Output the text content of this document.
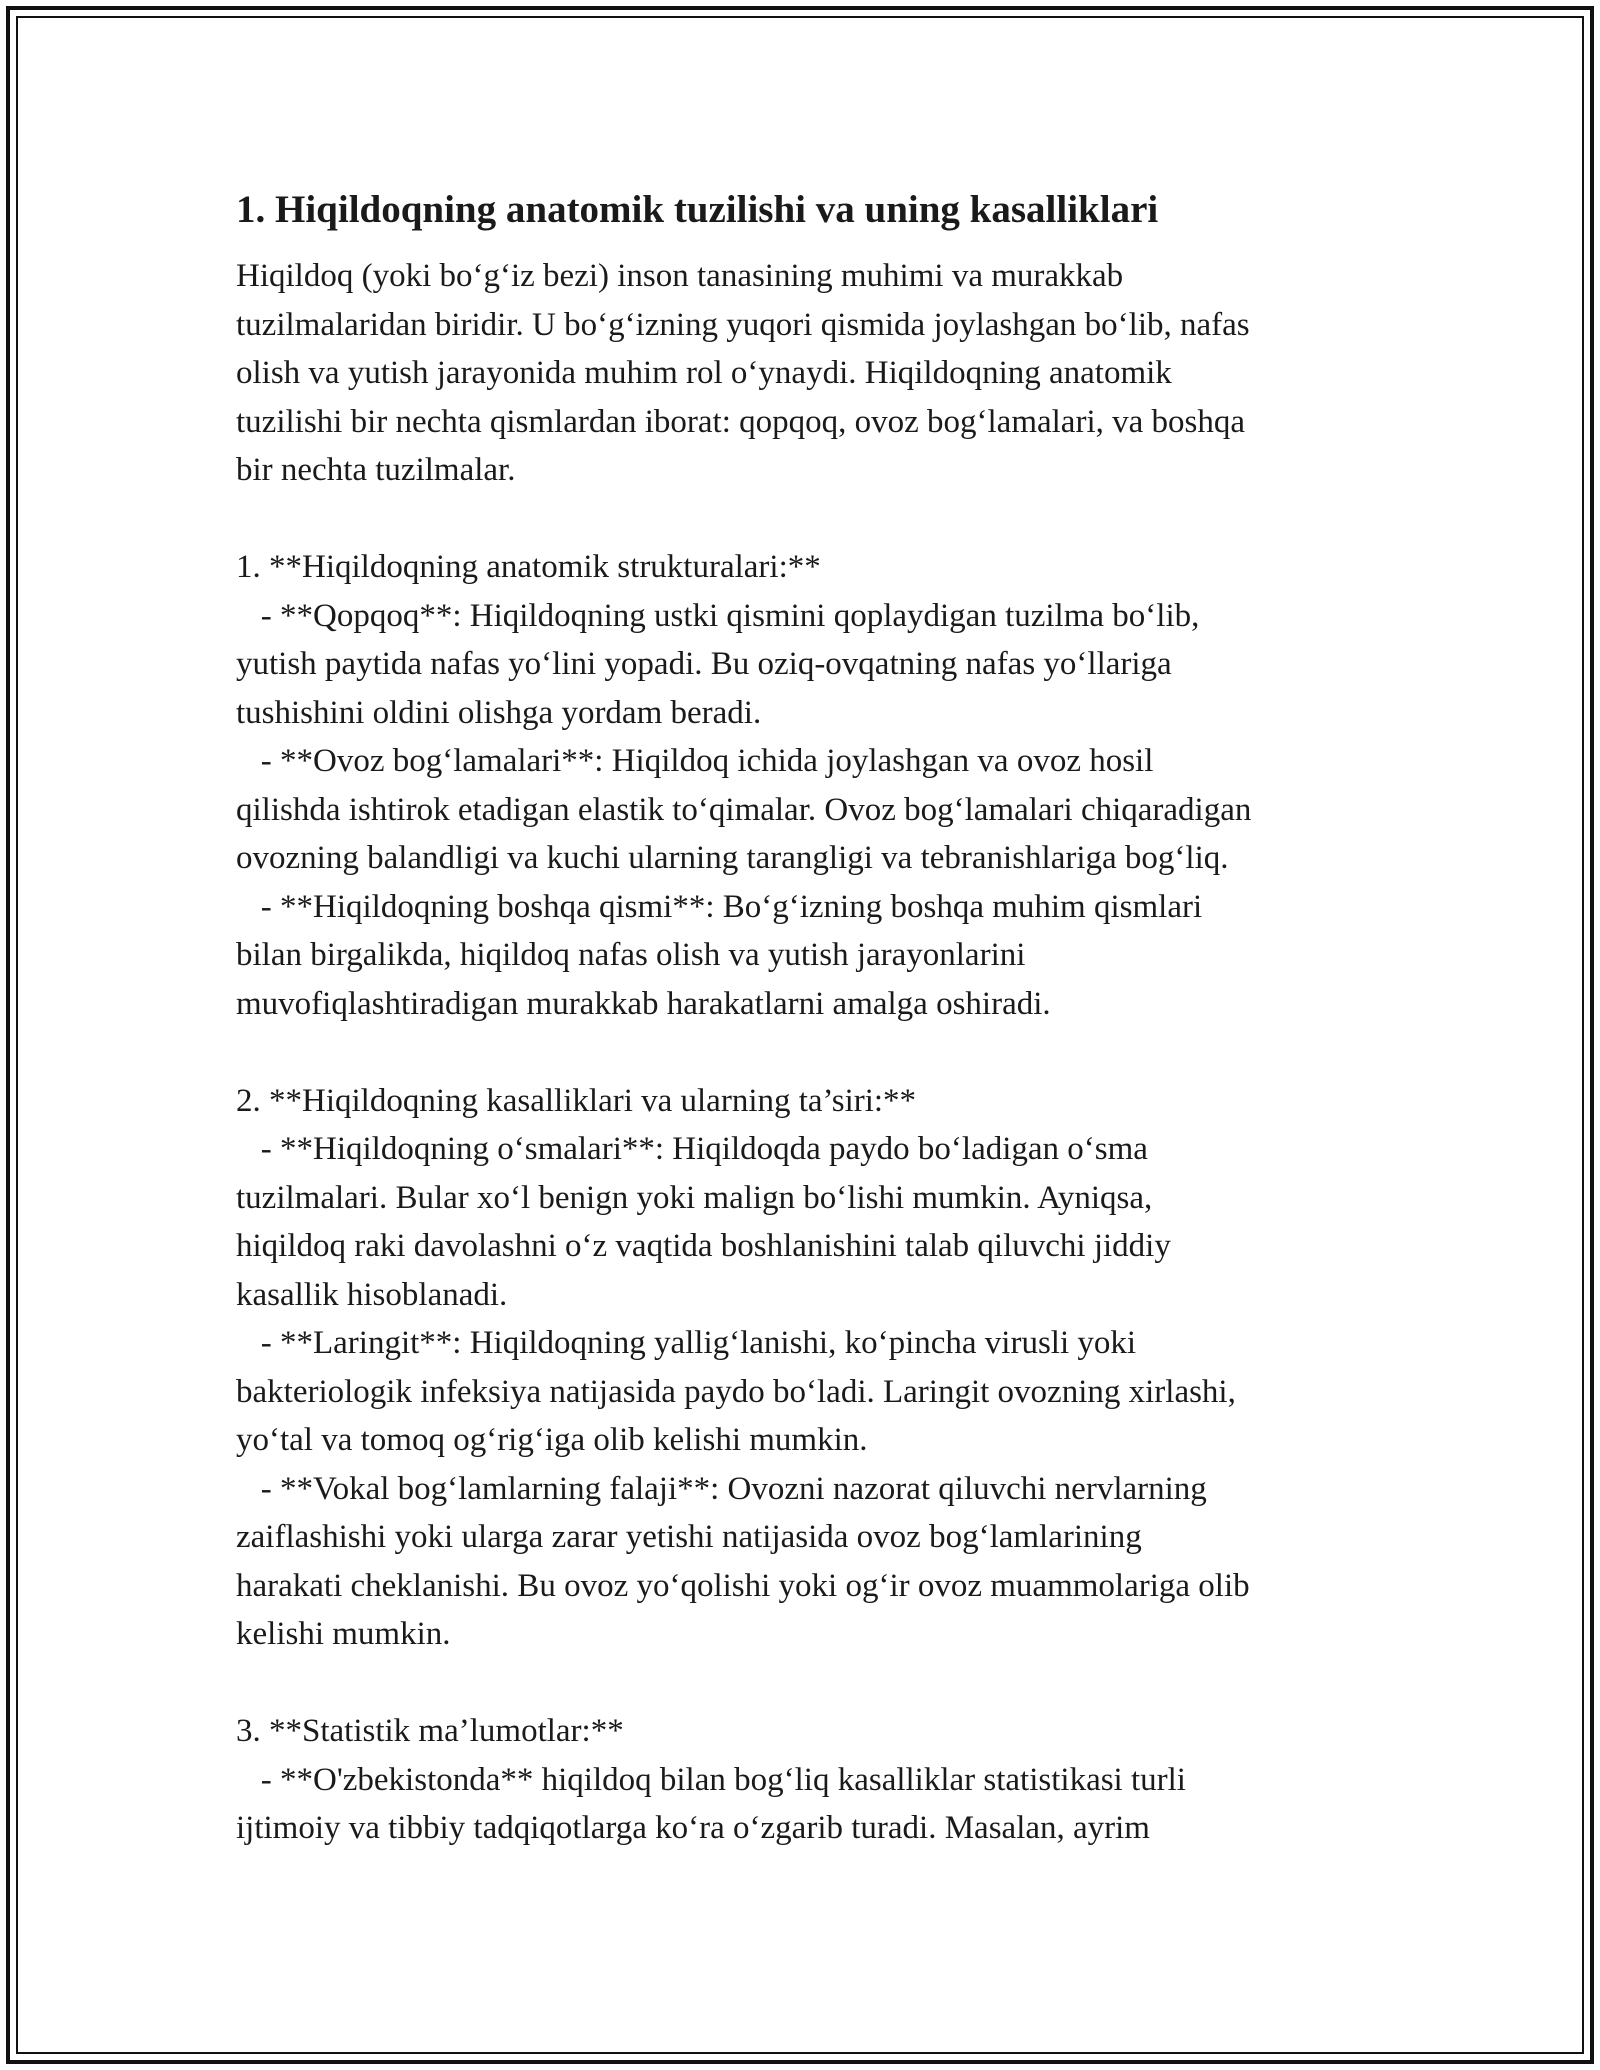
1. Hiqildoqning anatomik tuzilishi va uning kasalliklari

Hiqildoq (yoki bo‘g‘iz bezi) inson tanasining muhimi va murakkab

tuzilmalaridan biridir. U bo‘g‘izning yuqori qismida joylashgan bo‘lib, nafas

olish va yutish jarayonida muhim rol o‘ynaydi. Hiqildoqning anatomik

tuzilishi bir nechta qismlardan iborat: qopqoq, ovoz bog‘lamalari, va boshqa

bir nechta tuzilmalar.

1. **Hiqildoqning anatomik strukturalari:**

- **Qopqoq**: Hiqildoqning ustki qismini qoplaydigan tuzilma bo‘lib,

yutish paytida nafas yo‘lini yopadi. Bu oziq-ovqatning nafas yo‘llariga

tushishini oldini olishga yordam beradi.

- **Ovoz bog‘lamalari**: Hiqildoq ichida joylashgan va ovoz hosil

qilishda ishtirok etadigan elastik to‘qimalar. Ovoz bog‘lamalari chiqaradigan

ovozning balandligi va kuchi ularning tarangligi va tebranishlariga bog‘liq.

- **Hiqildoqning boshqa qismi**: Bo‘g‘izning boshqa muhim qismlari

bilan birgalikda, hiqildoq nafas olish va yutish jarayonlarini

muvofiqlashtiradigan murakkab harakatlarni amalga oshiradi.

2. **Hiqildoqning kasalliklari va ularning ta’siri:**

- **Hiqildoqning o‘smalari**: Hiqildoqda paydo bo‘ladigan o‘sma

tuzilmalari. Bular xo‘l benign yoki malign bo‘lishi mumkin. Ayniqsa,

hiqildoq raki davolashni o‘z vaqtida boshlanishini talab qiluvchi jiddiy

kasallik hisoblanadi.

- **Laringit**: Hiqildoqning yallig‘lanishi, ko‘pincha virusli yoki

bakteriologik infeksiya natijasida paydo bo‘ladi. Laringit ovozning xirlashi,

yo‘tal va tomoq og‘rig‘iga olib kelishi mumkin.

- **Vokal bog‘lamlarning falaji**: Ovozni nazorat qiluvchi nervlarning

zaiflashishi yoki ularga zarar yetishi natijasida ovoz bog‘lamlarining

harakati cheklanishi. Bu ovoz yo‘qolishi yoki og‘ir ovoz muammolariga olib

kelishi mumkin.

3. **Statistik ma’lumotlar:**

- **O'zbekistonda** hiqildoq bilan bog‘liq kasalliklar statistikasi turli

ijtimoiy va tibbiy tadqiqotlarga ko‘ra o‘zgarib turadi. Masalan, ayrim
